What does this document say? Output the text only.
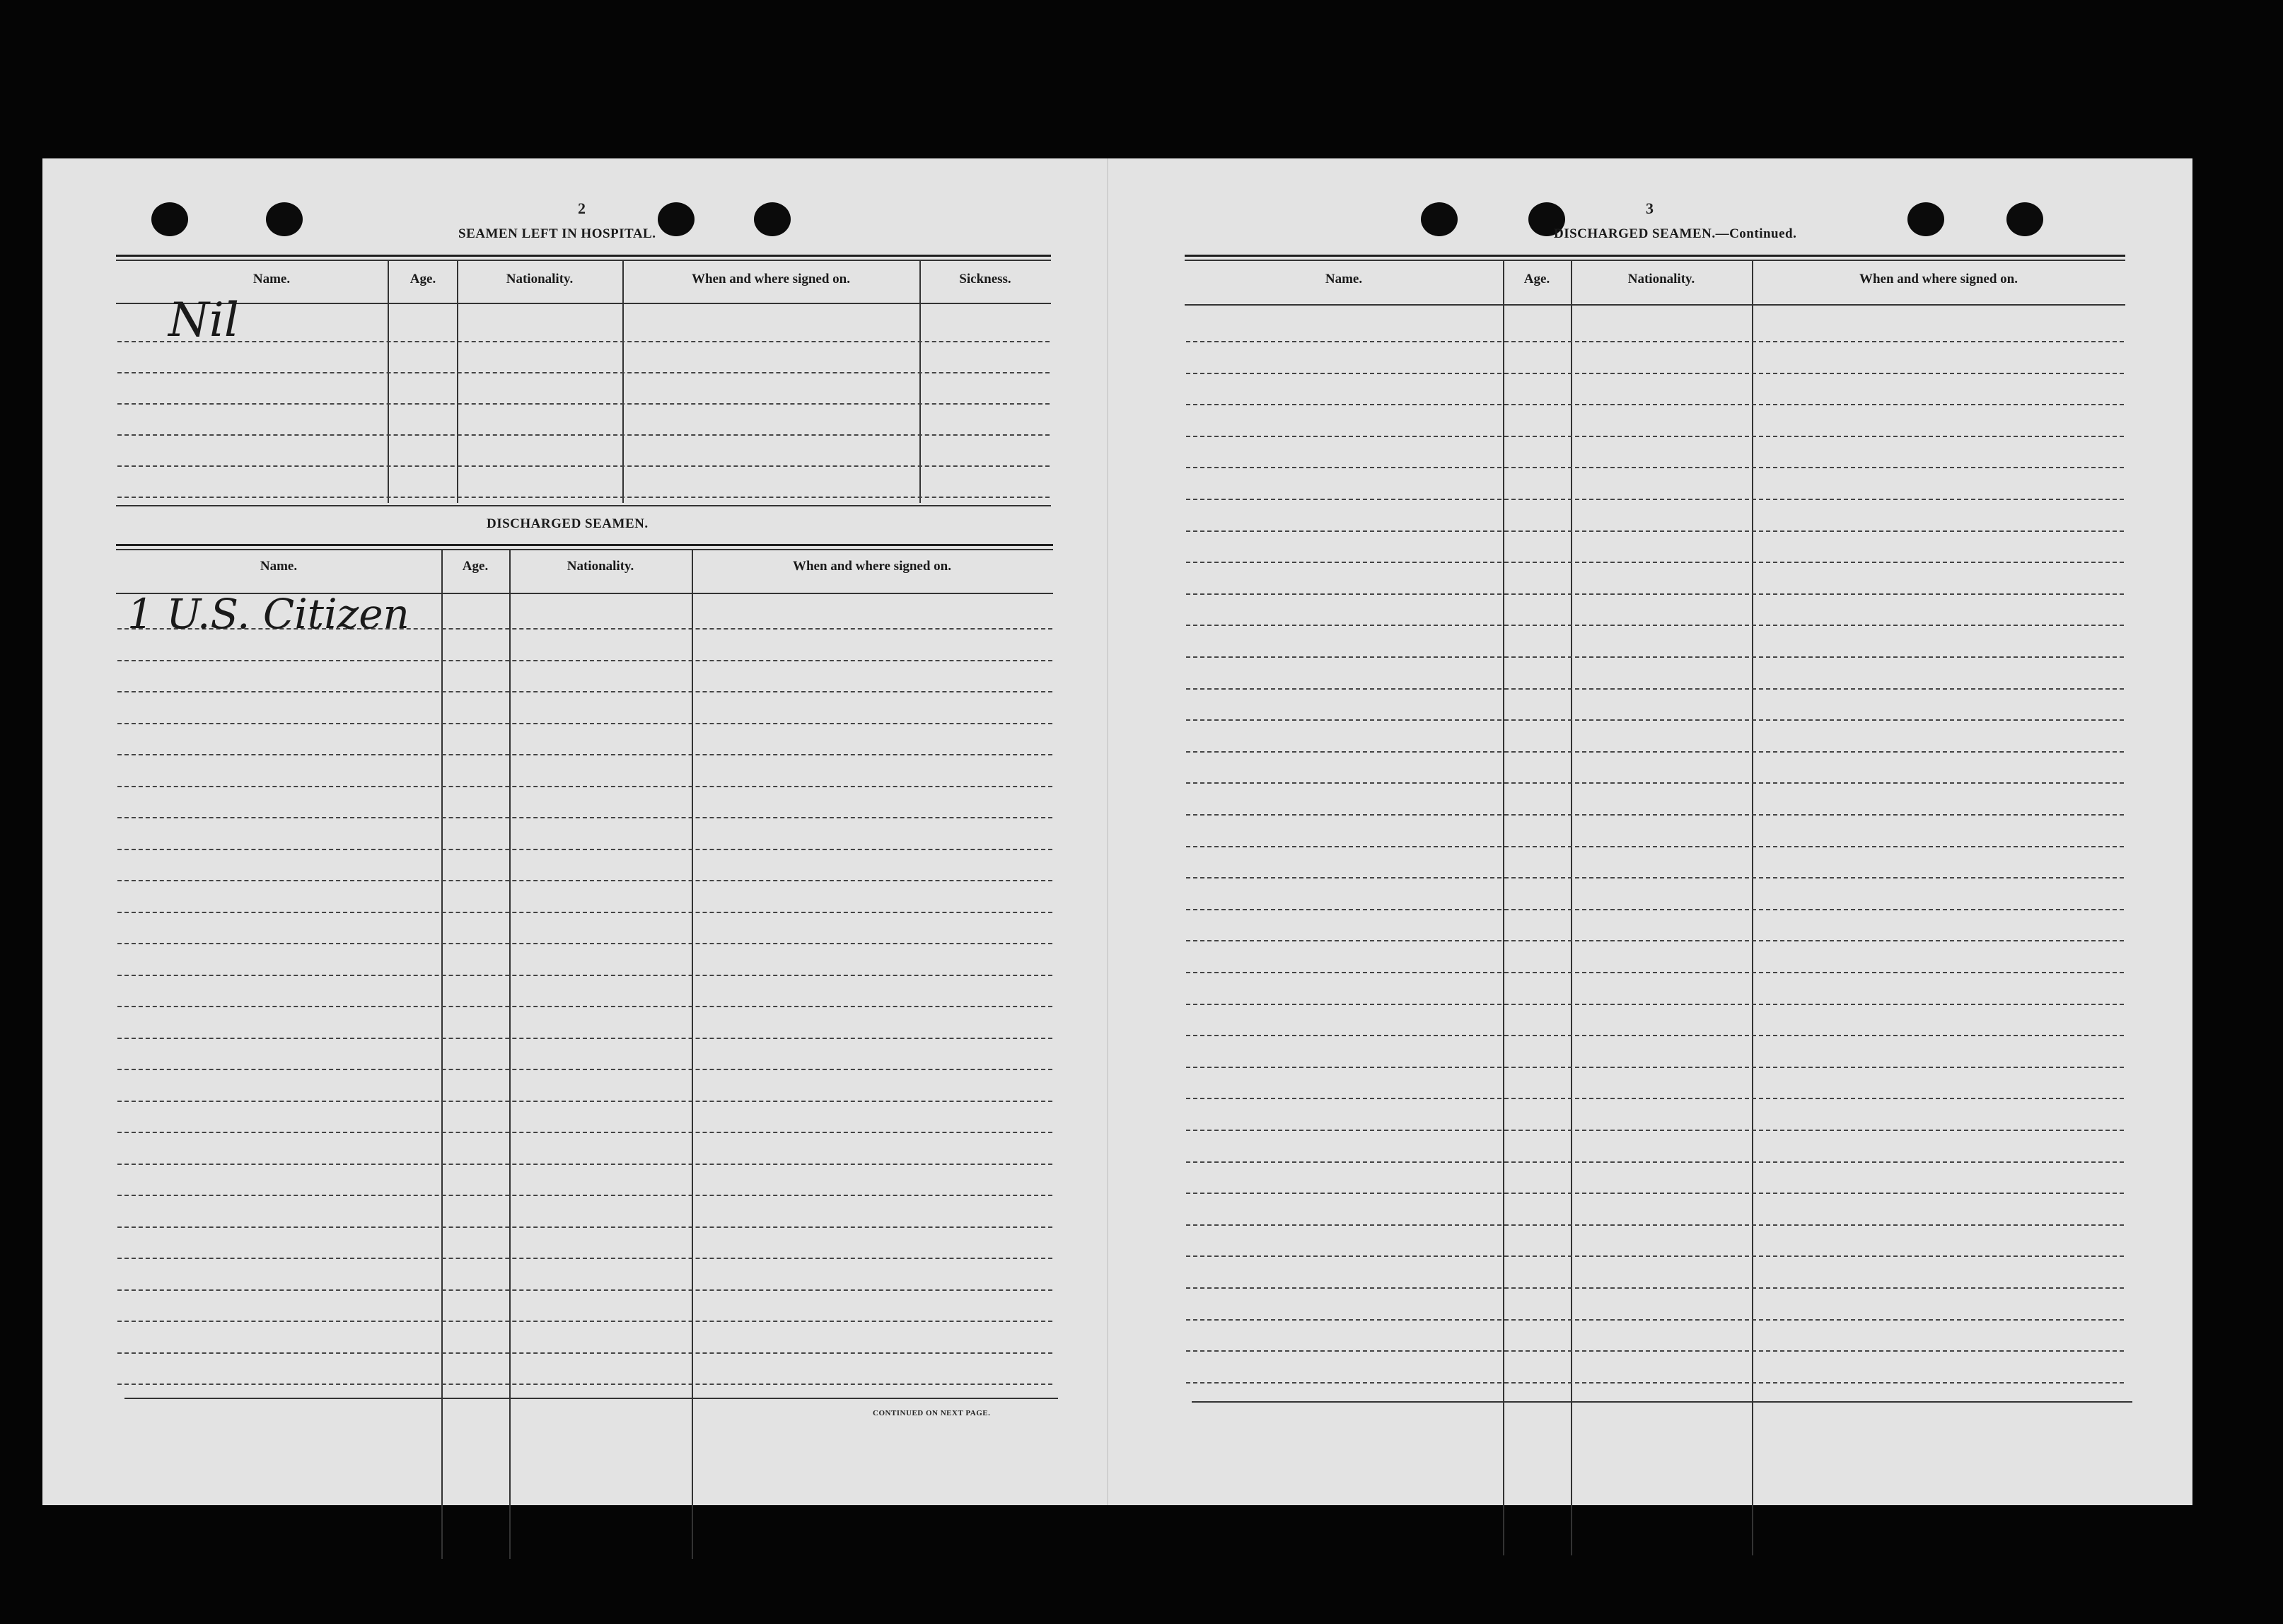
2
SEAMEN LEFT IN HOSPITAL.
Name.	Age.	Nationality.	When and where signed on.	Sickness.
Nil
DISCHARGED SEAMEN.
Name.	Age.	Nationality.	When and where signed on.
1 U.S. Citizen
CONTINUED ON NEXT PAGE.
3
DISCHARGED SEAMEN.—Continued.
Name.	Age.	Nationality.	When and where signed on.
